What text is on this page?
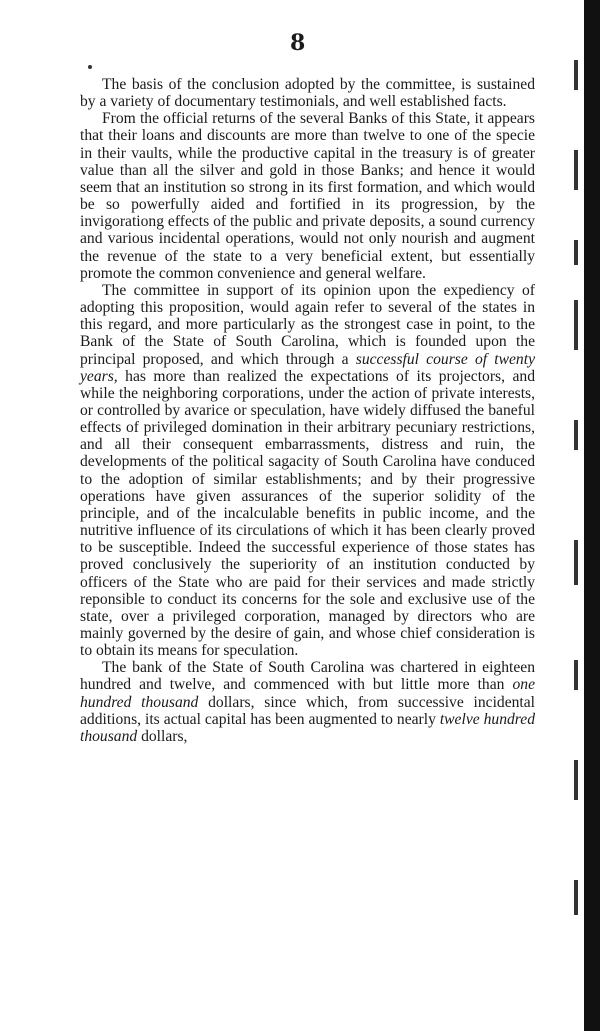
8

The basis of the conclusion adopted by the committee, is sustained by a variety of documentary testimonials, and well established facts.

From the official returns of the several Banks of this State, it appears that their loans and discounts are more than twelve to one of the specie in their vaults, while the productive capital in the treasury is of greater value than all the silver and gold in those Banks; and hence it would seem that an institution so strong in its first formation, and which would be so powerfully aided and fortified in its progression, by the invigorationg effects of the public and private deposits, a sound currency and various incidental operations, would not only nourish and augment the revenue of the state to a very beneficial extent, but essentially promote the common convenience and general welfare.

The committee in support of its opinion upon the expediency of adopting this proposition, would again refer to several of the states in this regard, and more particularly as the strongest case in point, to the Bank of the State of South Carolina, which is founded upon the principal proposed, and which through a successful course of twenty years, has more than realized the expectations of its projectors, and while the neighboring corporations, under the action of private interests, or controlled by avarice or speculation, have widely diffused the baneful effects of privileged domination in their arbitrary pecuniary restrictions, and all their consequent embarrassments, distress and ruin, the developments of the political sagacity of South Carolina have conduced to the adoption of similar establishments; and by their progressive operations have given assurances of the superior solidity of the principle, and of the incalculable benefits in public income, and the nutritive influence of its circulations of which it has been clearly proved to be susceptible. Indeed the successful experience of those states has proved conclusively the superiority of an institution conducted by officers of the State who are paid for their services and made strictly reponsible to conduct its concerns for the sole and exclusive use of the state, over a privileged corporation, managed by directors who are mainly governed by the desire of gain, and whose chief consideration is to obtain its means for speculation.

The bank of the State of South Carolina was chartered in eighteen hundred and twelve, and commenced with but little more than one hundred thousand dollars, since which, from successive incidental additions, its actual capital has been augmented to nearly twelve hundred thousand dollars,
